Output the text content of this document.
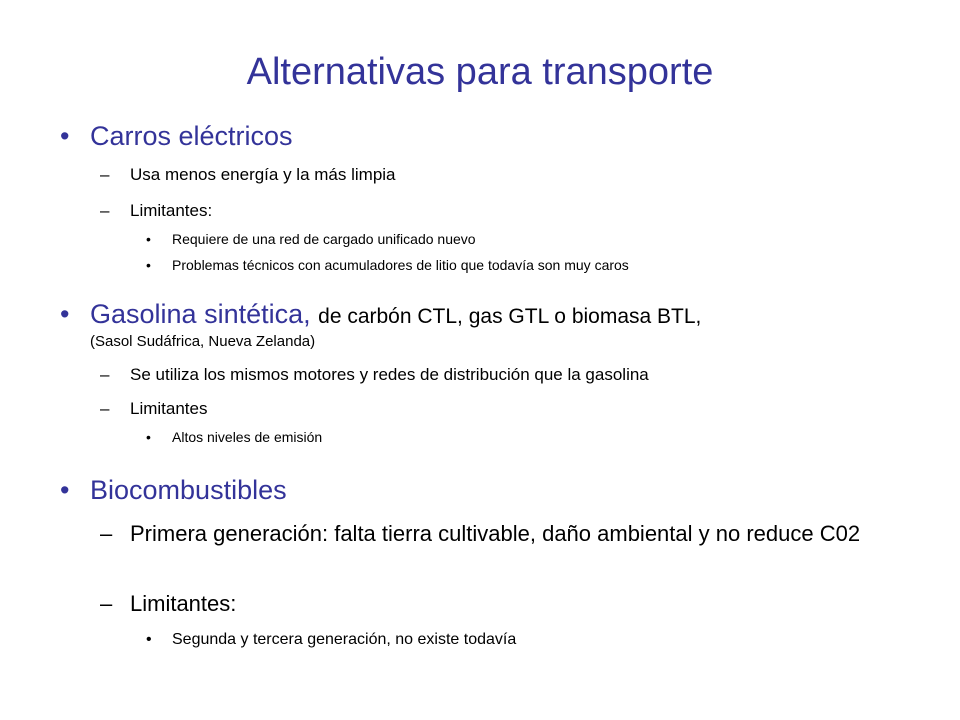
Alternativas para transporte
• Carros eléctricos
– Usa menos energía y la más limpia
– Limitantes:
• Requiere de una red de cargado unificado nuevo
• Problemas técnicos con acumuladores de litio que todavía son muy caros
• Gasolina sintética, de carbón CTL, gas GTL o biomasa BTL,
(Sasol Sudáfrica, Nueva Zelanda)
– Se utiliza los mismos motores y redes de distribución que la gasolina
– Limitantes
• Altos niveles de emisión
• Biocombustibles
– Primera generación: falta tierra cultivable, daño ambiental y no reduce C02
– Limitantes:
• Segunda y tercera generación, no existe todavía
